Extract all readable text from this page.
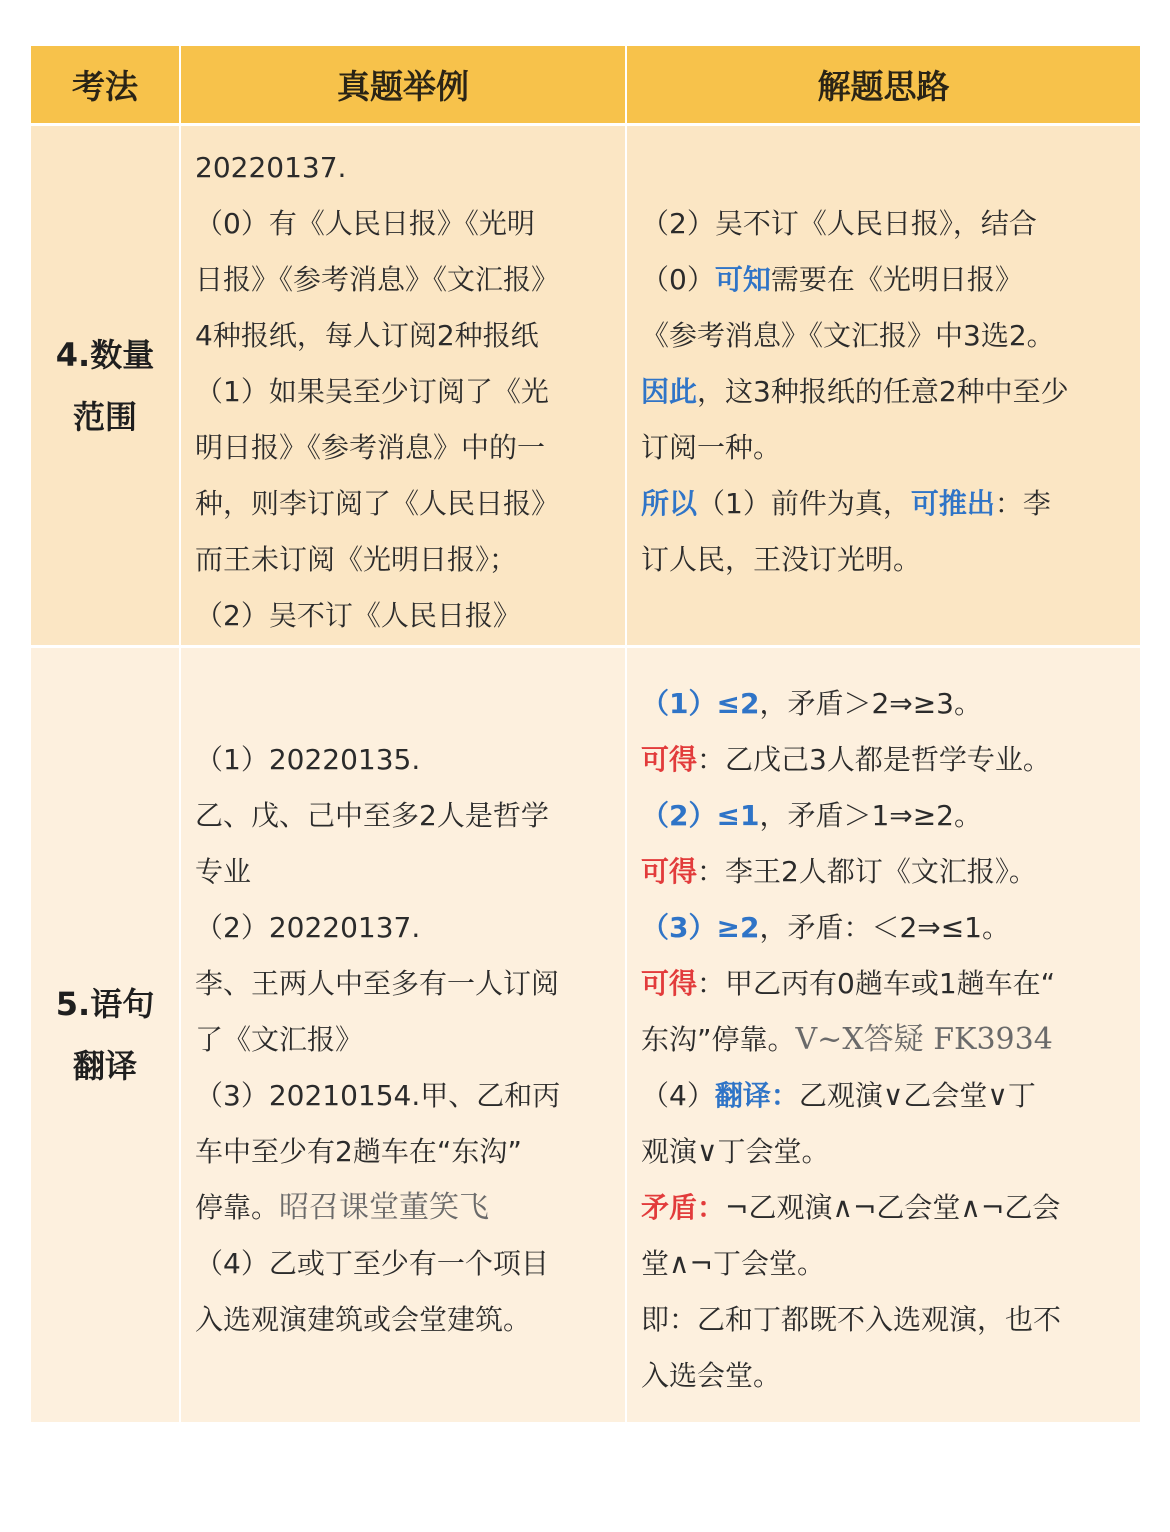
考法	真题举例	解题思路
4.数量
范围
20220137.
（0）有《人民日报》《光明
日报》《参考消息》《文汇报》
4种报纸，每人订阅2种报纸
（1）如果吴至少订阅了《光
明日报》《参考消息》中的一
种，则李订阅了《人民日报》
而王未订阅《光明日报》；
（2）吴不订《人民日报》
（2）吴不订《人民日报》，结合
（0）可知需要在《光明日报》
《参考消息》《文汇报》中3选2。
因此，这3种报纸的任意2种中至少
订阅一种。
所以（1）前件为真，可推出：李
订人民，王没订光明。
5.语句
翻译
（1）20220135.
乙、戊、己中至多2人是哲学
专业
（2）20220137.
李、王两人中至多有一人订阅
了《文汇报》
（3）20210154.甲、乙和丙
车中至少有2趟车在“东沟”
停靠。昭召课堂董笑飞
（4）乙或丁至少有一个项目
入选观演建筑或会堂建筑。
（1）≤2，矛盾＞2⇒≥3。
可得：乙戊己3人都是哲学专业。
（2）≤1，矛盾＞1⇒≥2。
可得：李王2人都订《文汇报》。
（3）≥2，矛盾：＜2⇒≤1。
可得：甲乙丙有0趟车或1趟车在“
东沟”停靠。V~X答疑 FK3934
（4）翻译：乙观演∨乙会堂∨丁
观演∨丁会堂。
矛盾：¬乙观演∧¬乙会堂∧¬乙会
堂∧¬丁会堂。
即：乙和丁都既不入选观演，也不
入选会堂。
